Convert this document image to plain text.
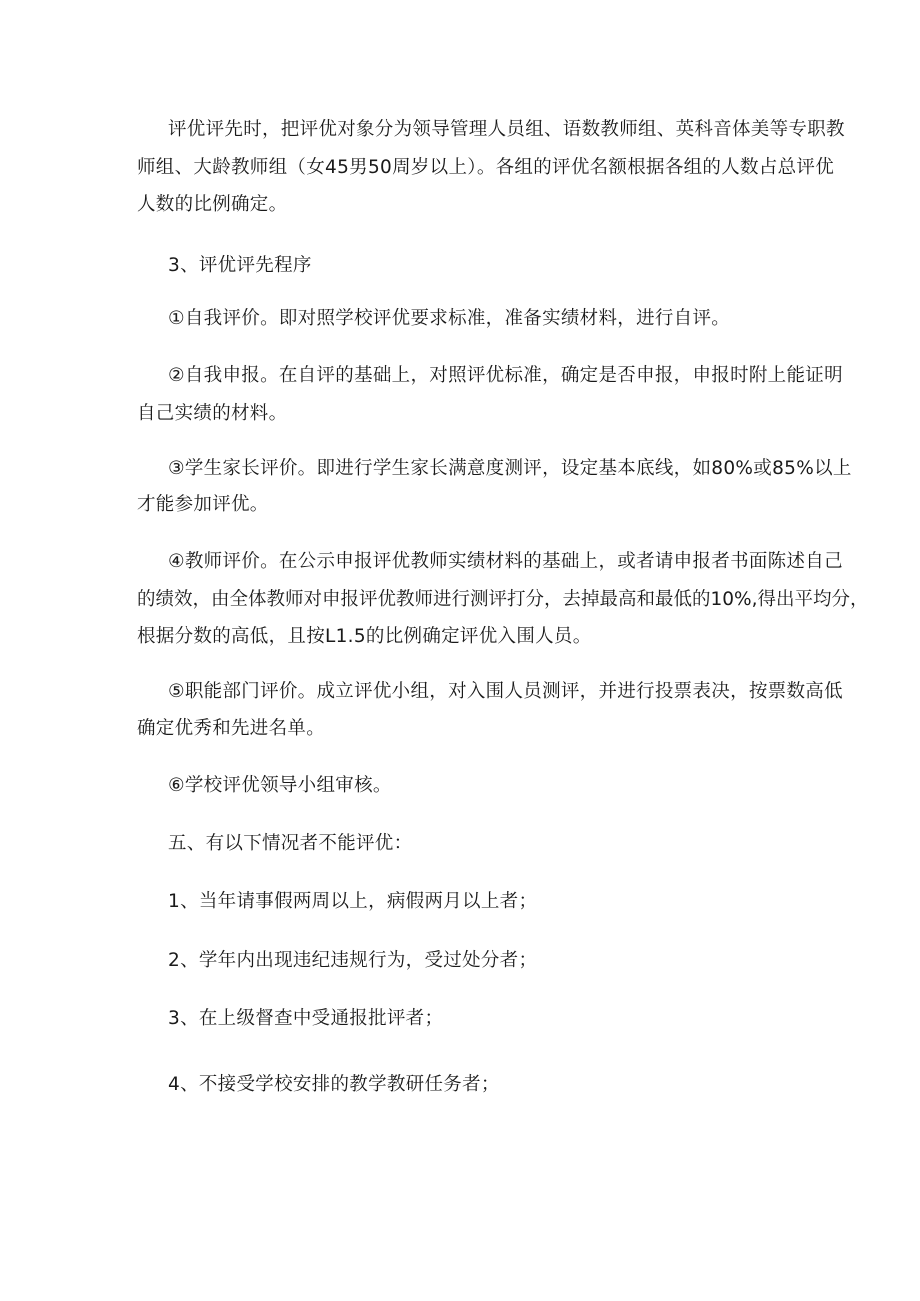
评优评先时，把评优对象分为领导管理人员组、语数教师组、英科音体美等专职教
师组、大龄教师组（女45男50周岁以上）。各组的评优名额根据各组的人数占总评优
人数的比例确定。
3、评优评先程序
①自我评价。即对照学校评优要求标准，准备实绩材料，进行自评。
②自我申报。在自评的基础上，对照评优标准，确定是否申报，申报时附上能证明
自己实绩的材料。
③学生家长评价。即进行学生家长满意度测评，设定基本底线，如80%或85%以上
才能参加评优。
④教师评价。在公示申报评优教师实绩材料的基础上，或者请申报者书面陈述自己
的绩效，由全体教师对申报评优教师进行测评打分，去掉最高和最低的10%,得出平均分，
根据分数的高低，且按L1.5的比例确定评优入围人员。
⑤职能部门评价。成立评优小组，对入围人员测评，并进行投票表决，按票数高低
确定优秀和先进名单。
⑥学校评优领导小组审核。
五、有以下情况者不能评优：
1、当年请事假两周以上，病假两月以上者；
2、学年内出现违纪违规行为，受过处分者；
3、在上级督查中受通报批评者；
4、不接受学校安排的教学教研任务者；
